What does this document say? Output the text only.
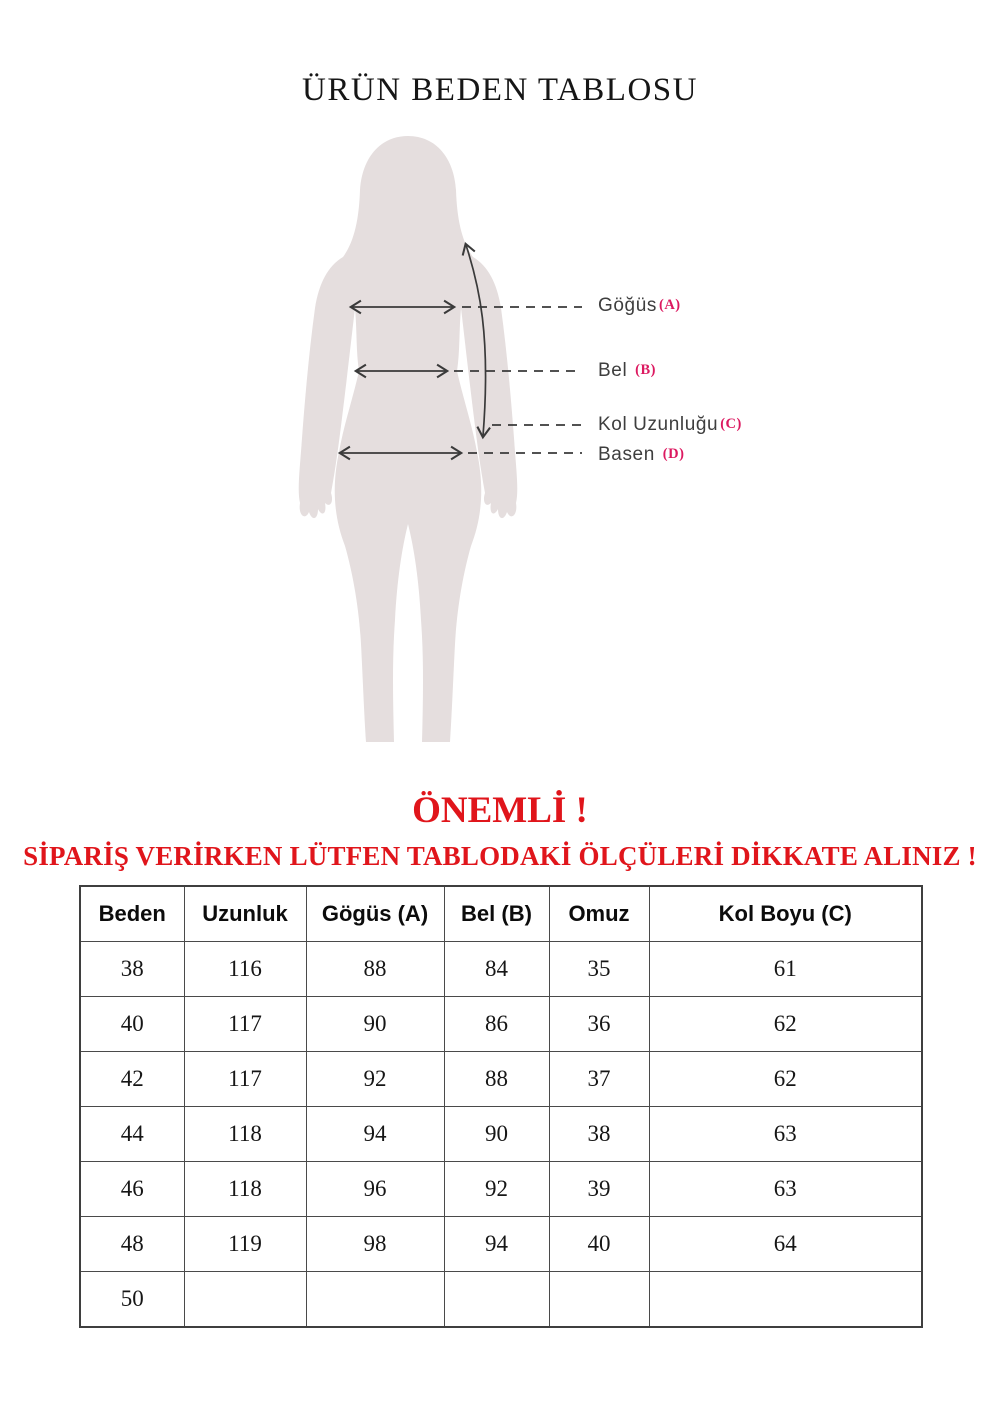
ÜRÜN BEDEN TABLOSU
Göğüs (A)
Bel (B)
Kol Uzunluğu (C)
Basen (D)
ÖNEMLİ !
SİPARİŞ VERİRKEN LÜTFEN TABLODAKİ ÖLÇÜLERİ DİKKATE ALINIZ !
Beden	Uzunluk	Gögüs (A)	Bel (B)	Omuz	Kol Boyu (C)
38	116	88	84	35	61
40	117	90	86	36	62
42	117	92	88	37	62
44	118	94	90	38	63
46	118	96	92	39	63
48	119	98	94	40	64
50					
